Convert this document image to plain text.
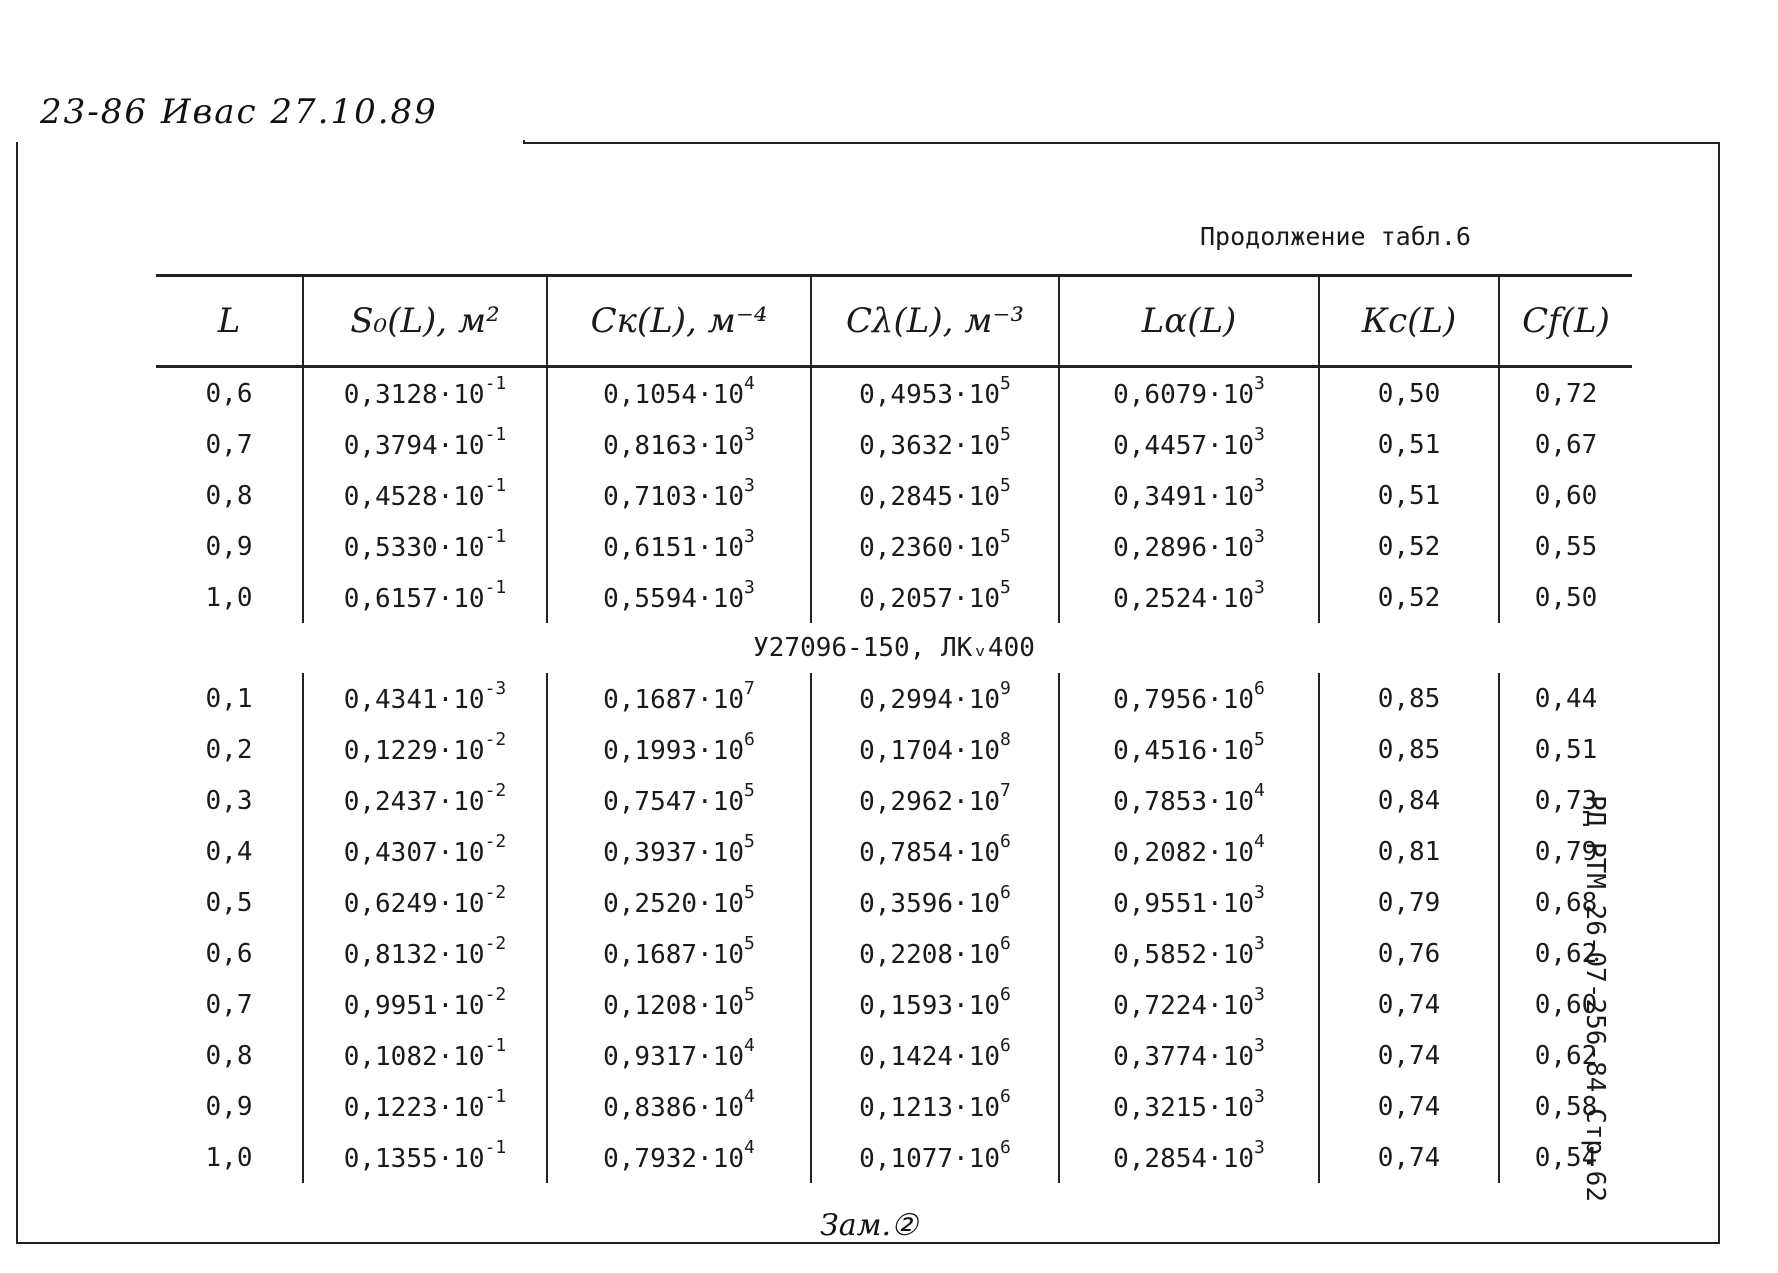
23-86 Ивас 27.10.89
Продолжение табл.6
РД РТМ 26-07-256-84 Стр.62
L	S₀(L), м²	Cк(L), м⁻⁴	Cλ(L), м⁻³	Lα(L)	Кc(L)	Cf(L)
0,6	$0,3128\cdot 10^{-1}$	$0,1054\cdot 10^4$	$0,4953\cdot 10^5$	$0,6079\cdot 10^3$	0,50	0,72
0,7	$0,3794\cdot 10^{-1}$	$0,8163\cdot 10^3$	$0,3632\cdot 10^5$	$0,4457\cdot 10^3$	0,51	0,67
0,8	$0,4528\cdot 10^{-1}$	$0,7103\cdot 10^3$	$0,2845\cdot 10^5$	$0,3491\cdot 10^3$	0,51	0,60
0,9	$0,5330\cdot 10^{-1}$	$0,6151\cdot 10^3$	$0,2360\cdot 10^5$	$0,2896\cdot 10^3$	0,52	0,55
1,0	$0,6157\cdot 10^{-1}$	$0,5594\cdot 10^3$	$0,2057\cdot 10^5$	$0,2524\cdot 10^3$	0,52	0,50
У27096-150, ЛКᵥ400						
0,1	$0,4341\cdot 10^{-3}$	$0,1687\cdot 10^7$	$0,2994\cdot 10^9$	$0,7956\cdot 10^6$	0,85	0,44
0,2	$0,1229\cdot 10^{-2}$	$0,1993\cdot 10^6$	$0,1704\cdot 10^8$	$0,4516\cdot 10^5$	0,85	0,51
0,3	$0,2437\cdot 10^{-2}$	$0,7547\cdot 10^5$	$0,2962\cdot 10^7$	$0,7853\cdot 10^4$	0,84	0,73
0,4	$0,4307\cdot 10^{-2}$	$0,3937\cdot 10^5$	$0,7854\cdot 10^6$	$0,2082\cdot 10^4$	0,81	0,79
0,5	$0,6249\cdot 10^{-2}$	$0,2520\cdot 10^5$	$0,3596\cdot 10^6$	$0,9551\cdot 10^3$	0,79	0,68
0,6	$0,8132\cdot 10^{-2}$	$0,1687\cdot 10^5$	$0,2208\cdot 10^6$	$0,5852\cdot 10^3$	0,76	0,62
0,7	$0,9951\cdot 10^{-2}$	$0,1208\cdot 10^5$	$0,1593\cdot 10^6$	$0,7224\cdot 10^3$	0,74	0,60
0,8	$0,1082\cdot 10^{-1}$	$0,9317\cdot 10^4$	$0,1424\cdot 10^6$	$0,3774\cdot 10^3$	0,74	0,62
0,9	$0,1223\cdot 10^{-1}$	$0,8386\cdot 10^4$	$0,1213\cdot 10^6$	$0,3215\cdot 10^3$	0,74	0,58
1,0	$0,1355\cdot 10^{-1}$	$0,7932\cdot 10^4$	$0,1077\cdot 10^6$	$0,2854\cdot 10^3$	0,74	0,54
Зам.②
